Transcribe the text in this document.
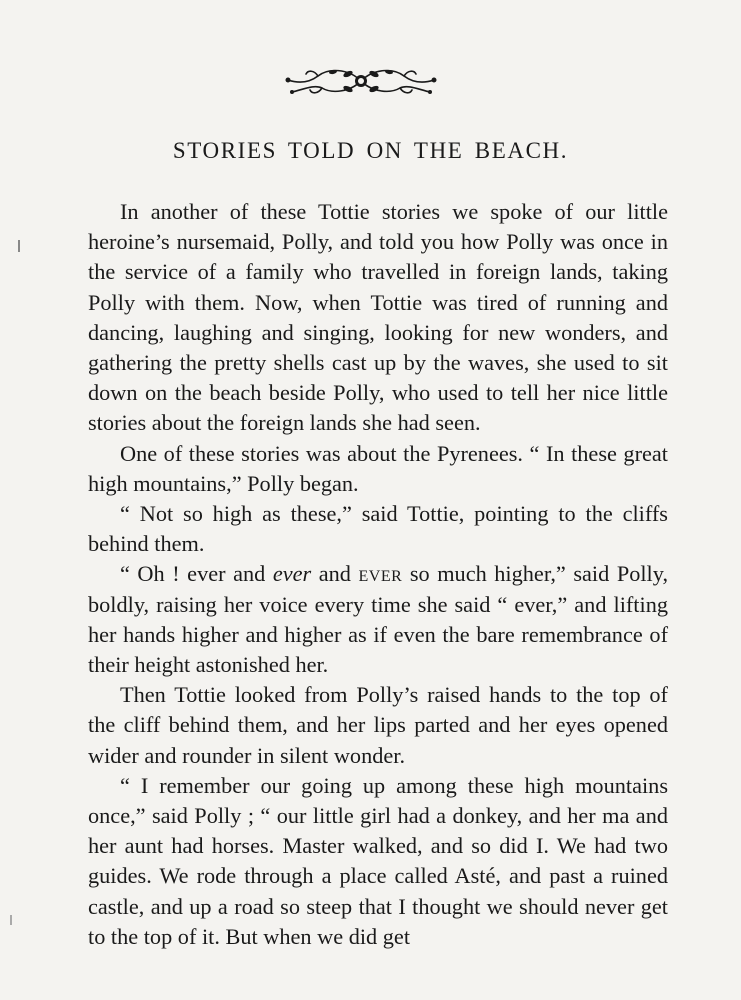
STORIES TOLD ON THE BEACH.

In another of these Tottie stories we spoke of our little heroine’s nursemaid, Polly, and told you how Polly was once in the service of a family who travelled in foreign lands, taking Polly with them. Now, when Tottie was tired of running and dancing, laughing and singing, looking for new wonders, and gathering the pretty shells cast up by the waves, she used to sit down on the beach beside Polly, who used to tell her nice little stories about the foreign lands she had seen.

One of these stories was about the Pyrenees. “ In these great high mountains,” Polly began.

“ Not so high as these,” said Tottie, pointing to the cliffs behind them.

“ Oh ! ever and ever and ever so much higher,” said Polly, boldly, raising her voice every time she said “ ever,” and lifting her hands higher and higher as if even the bare remembrance of their height astonished her.

Then Tottie looked from Polly’s raised hands to the top of the cliff behind them, and her lips parted and her eyes opened wider and rounder in silent wonder.

“ I remember our going up among these high mountains once,” said Polly ; “ our little girl had a donkey, and her ma and her aunt had horses. Master walked, and so did I. We had two guides. We rode through a place called Asté, and past a ruined castle, and up a road so steep that I thought we should never get to the top of it. But when we did get
